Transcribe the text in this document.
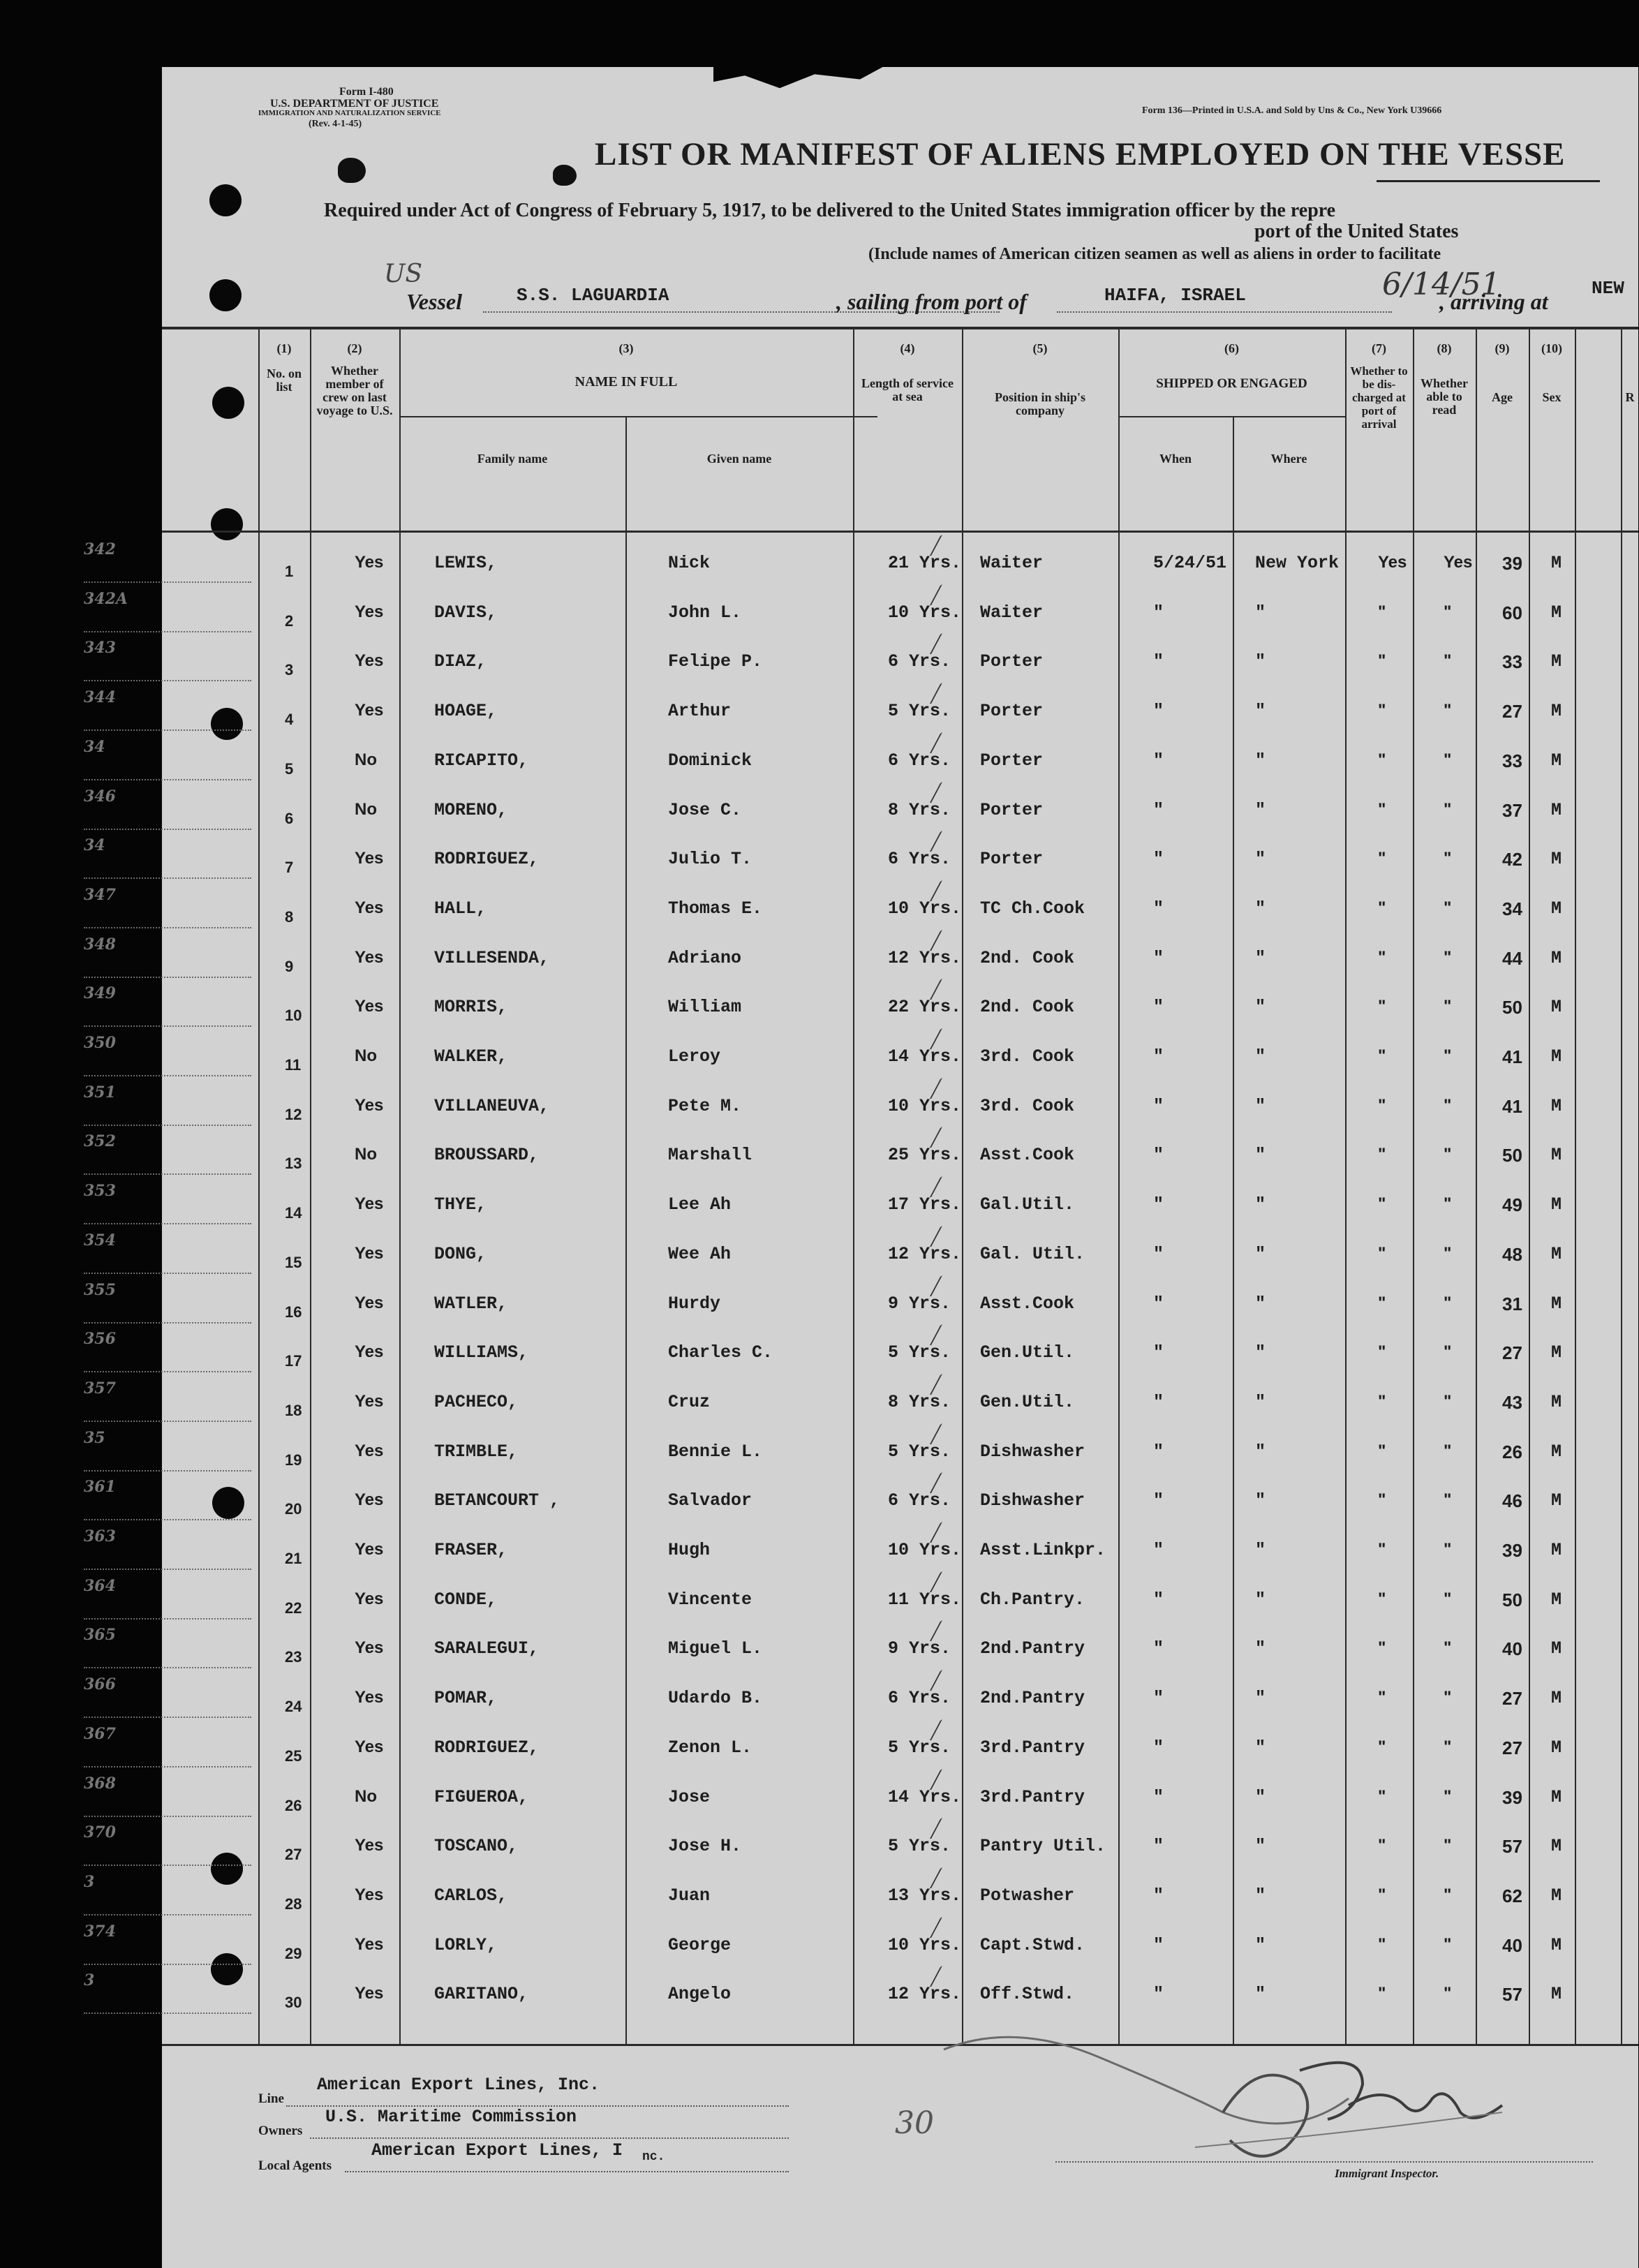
Form I-480
U.S. DEPARTMENT OF JUSTICE
IMMIGRATION AND NATURALIZATION SERVICE
(Rev. 4-1-45)
Form 136—Printed in U.S.A. and Sold by Uns & Co., New York U39666
LIST OR MANIFEST OF ALIENS EMPLOYED ON THE VESSE
Required under Act of Congress of February 5, 1917, to be delivered to the United States immigration officer by the repre
port of the United States
(Include names of American citizen seamen as well as aliens in order to facilitate
US
Vessel	S.S. LAGUARDIA	, sailing from port of	HAIFA, ISRAEL	6/14/51
, arriving at
NEW
(1)
No. on list
(2)
Whether member of crew on last voyage to U.S.
(3)
NAME IN FULL
Family name	Given name
(4)
Length of service at sea
(5)
Position in ship's company
(6)
SHIPPED OR ENGAGED
When	Where
(7)
Whether to be dis-charged at port of arrival
(8)
Whether able to read
(9)
Age
(10)
Sex	R
342
1	Yes	LEWIS,	Nick	21 Yrs. Waiter	5/24/51 New York Yes Yes 39 M
342A
2	Yes	DAVIS,	John L.	10 Yrs. Waiter	"	"	"	"	60 M
343
3	Yes	DIAZ,	Felipe P.	6 Yrs. Porter	"	"	"	"	33 M
344
4	Yes	HOAGE,	Arthur	5 Yrs. Porter	"	"	"	"	27 M
34
5	No	RICAPITO,	Dominick	6 Yrs. Porter	"	"	"	"	33 M
346
6	No	MORENO,	Jose C.	8 Yrs. Porter	"	"	"	"	37 M
34
7	Yes	RODRIGUEZ,	Julio T.	6 Yrs. Porter	"	"	"	"	42 M
347
8	Yes	HALL,	Thomas E.	10 Yrs. TC Ch.Cook	"	"	"	"	34 M
348
9	Yes	VILLESENDA,	Adriano	12 Yrs. 2nd. Cook	"	"	"	"	44 M
349
10	Yes	MORRIS,	William	22 Yrs. 2nd. Cook	"	"	"	"	50 M
350
11	No	WALKER,	Leroy	14 Yrs. 3rd. Cook	"	"	"	"	41 M
351
12	Yes	VILLANEUVA,	Pete M.	10 Yrs. 3rd. Cook	"	"	"	"	41 M
352
13	No	BROUSSARD,	Marshall	25 Yrs. Asst.Cook	"	"	"	"	50 M
353
14	Yes	THYE,	Lee Ah	17 Yrs. Gal.Util.	"	"	"	"	49 M
354
15	Yes	DONG,	Wee Ah	12 Yrs. Gal. Util.	"	"	"	"	48 M
355
16	Yes	WATLER,	Hurdy	9 Yrs. Asst.Cook	"	"	"	"	31 M
356
17	Yes	WILLIAMS,	Charles C.	5 Yrs. Gen.Util.	"	"	"	"	27 M
357
18	Yes	PACHECO,	Cruz	8 Yrs. Gen.Util.	"	"	"	"	43 M
35
19	Yes	TRIMBLE,	Bennie L.	5 Yrs. Dishwasher	"	"	"	"	26 M
361
20	Yes	BETANCOURT ,	Salvador	6 Yrs. Dishwasher	"	"	"	"	46 M
363
21	Yes	FRASER,	Hugh	10 Yrs. Asst.Linkpr.	"	"	"	"	39 M
364
22	Yes	CONDE,	Vincente	11 Yrs. Ch.Pantry.	"	"	"	"	50 M
365
23	Yes	SARALEGUI,	Miguel L.	9 Yrs. 2nd.Pantry	"	"	"	"	40 M
366
24	Yes	POMAR,	Udardo B.	6 Yrs. 2nd.Pantry	"	"	"	"	27 M
367
25	Yes	RODRIGUEZ,	Zenon L.	5 Yrs. 3rd.Pantry	"	"	"	"	27 M
368
26	No	FIGUEROA,	Jose	14 Yrs. 3rd.Pantry	"	"	"	"	39 M
370
27	Yes	TOSCANO,	Jose H.	5 Yrs. Pantry Util.	"	"	"	"	57 M
3
28	Yes	CARLOS,	Juan	13 Yrs. Potwasher	"	"	"	"	62 M
374
29	Yes	LORLY,	George	10 Yrs. Capt.Stwd.	"	"	"	"	40 M
3
30	Yes	GARITANO,	Angelo	12 Yrs. Off.Stwd.	"	"	"	"	57 M
Line
American Export Lines, Inc.
Owners
U.S. Maritime Commission
Local Agents
American Export Lines, I nc.
30
Immigrant Inspector.
